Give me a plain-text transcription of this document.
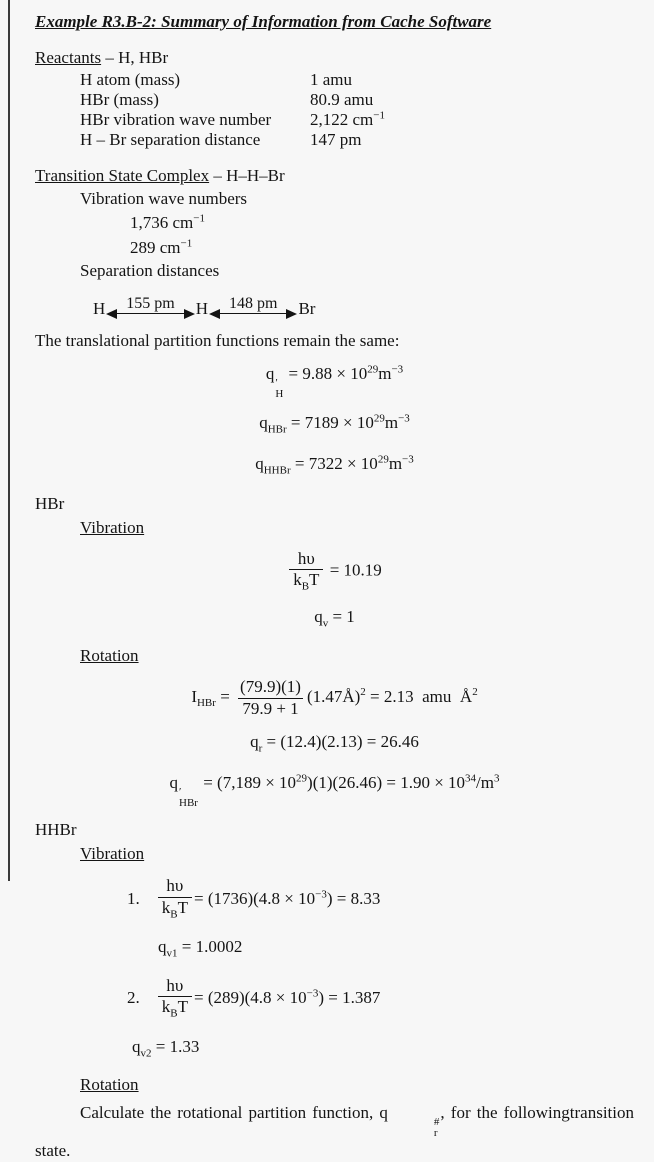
Example R3.B-2: Summary of Information from Cache Software
Reactants – H, HBr
H atom (mass)	1 amu
HBr (mass)	80.9 amu
HBr vibration wave number	2,122 $cm^{-1}$
H – Br separation distance	147 pm
Transition State Complex – H–H–Br
Vibration wave numbers
1,736 $cm^{-1}$
289 $cm^{-1}$
Separation distances
H	155 pm	H	148 pm	Br
The translational partition functions remain the same:
q ′
H
= $9.88 \times 10^{29}m^{-3}$
$q_{HBr} = 7189 \times 10^{29}m^{-3}$
$q_{HHBr} = 7322 \times 10^{29}m^{-3}$
HBr
Vibration
$\frac{h\upsilon}{k_BT} = 10.19$
$q_v = 1$
Rotation
$I_{HBr} = \frac{(79.9)(1)}{79.9 + 1}$ (1.47Å)$^2$ = 2.13  amu  $Å^2$
$q_r = (12.4)(2.13) = 26.46$
q ′
HBr
= $(7,189 \times 10^{29})(1)(26.46) = 1.90 \times 10^{34}/m^3$
HHBr
Vibration
1. $\frac{h\upsilon}{k_BT} = (1736)(4.8 \times 10^{-3}) = 8.33$
$q_{v1} = 1.0002$
2. $\frac{h\upsilon}{k_BT} = (289)(4.8 \times 10^{-3}) = 1.387$
$q_{v2} = 1.33$
Rotation

Calculate the rotational partition function, q	#
r
, for the followingtransition state.
